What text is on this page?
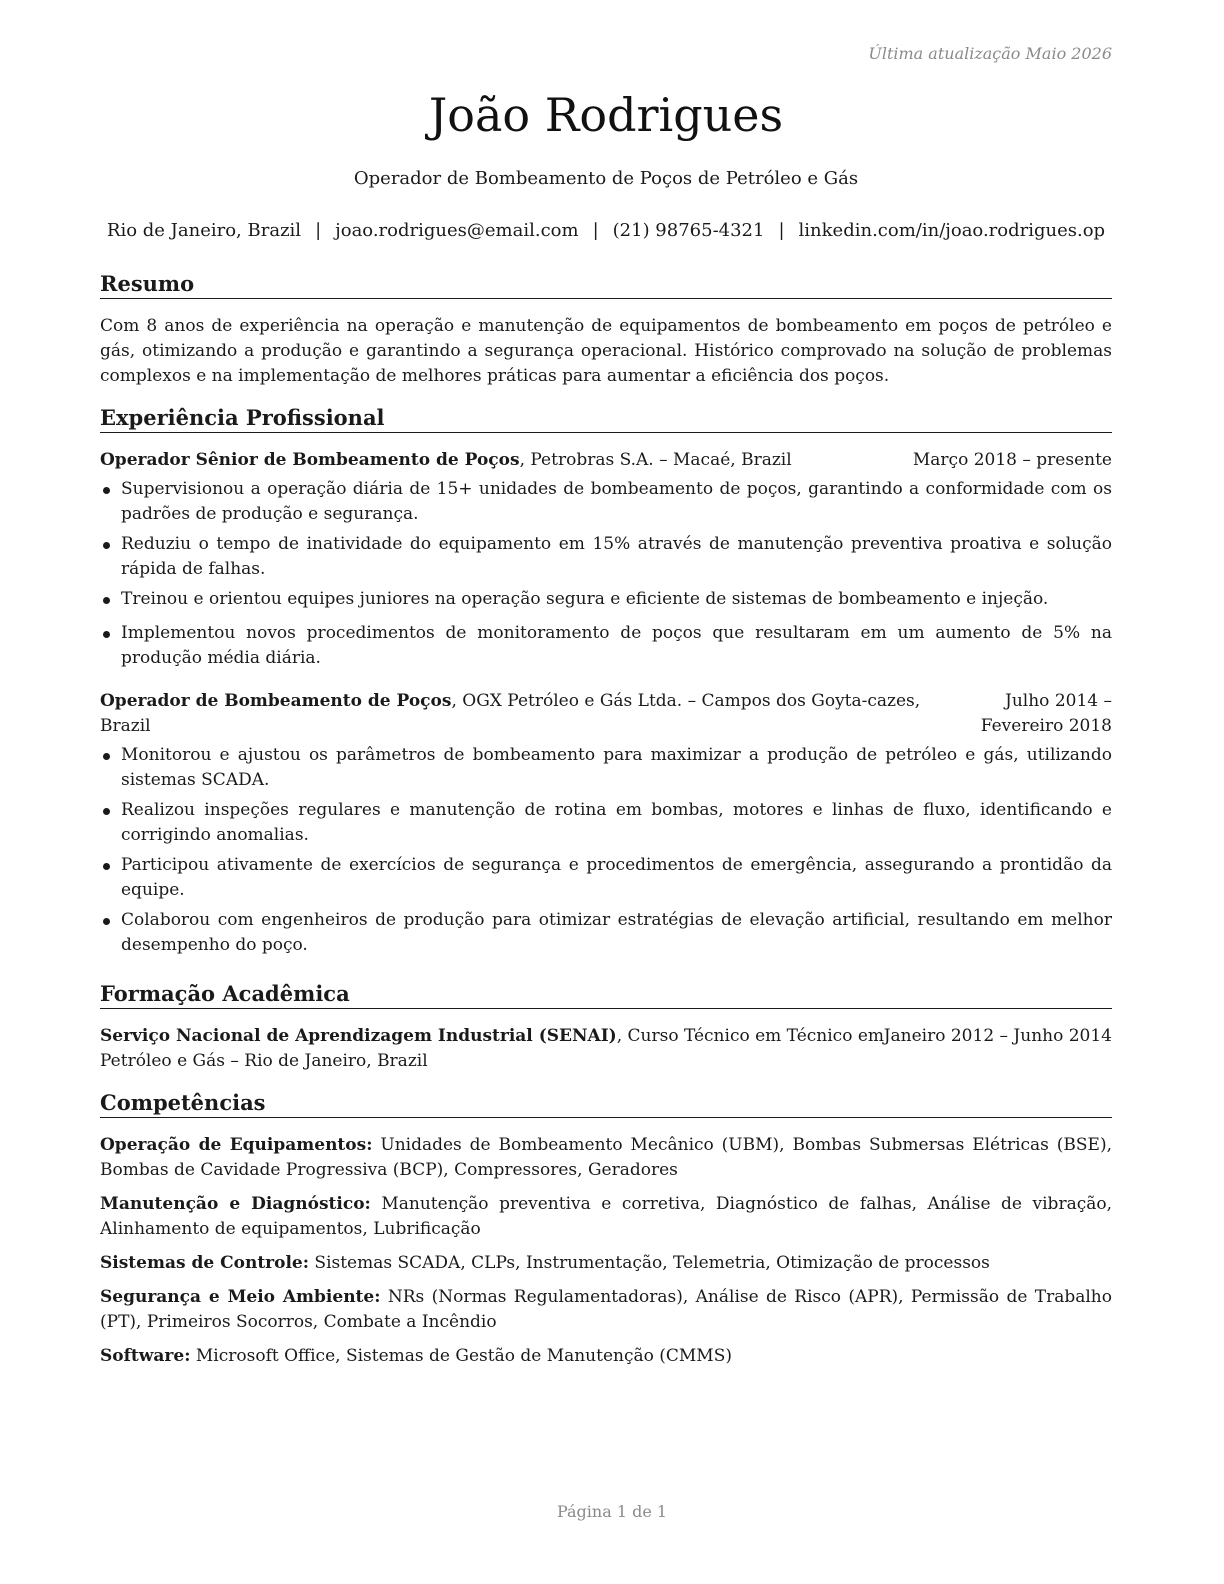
Última atualização Maio 2026
João Rodrigues
Operador de Bombeamento de Poços de Petróleo e Gás
Rio de Janeiro, Brazil | joao.rodrigues@email.com | (21) 98765-4321 | linkedin.com/in/joao.rodrigues.op
Resumo
Com 8 anos de experiência na operação e manutenção de equipamentos de bombeamento em poços de petróleo e gás, otimizando a produção e garantindo a segurança operacional. Histórico comprovado na solução de problemas complexos e na implementação de melhores práticas para aumentar a eficiência dos poços.
Experiência Profissional
Operador Sênior de Bombeamento de Poços, Petrobras S.A. – Macaé, Brazil	Março 2018 – presente
Supervisionou a operação diária de 15+ unidades de bombeamento de poços, garantindo a conformidade com os padrões de produção e segurança.
Reduziu o tempo de inatividade do equipamento em 15% através de manutenção preventiva proativa e solução rápida de falhas.
Treinou e orientou equipes juniores na operação segura e eficiente de sistemas de bombeamento e injeção.
Implementou novos procedimentos de monitoramento de poços que resultaram em um aumento de 5% na produção média diária.
Operador de Bombeamento de Poços, OGX Petróleo e Gás Ltda. – Campos dos Goyta-cazes, Brazil
Julho 2014 – Fevereiro 2018
Monitorou e ajustou os parâmetros de bombeamento para maximizar a produção de petróleo e gás, utilizando sistemas SCADA.
Realizou inspeções regulares e manutenção de rotina em bombas, motores e linhas de fluxo, identificando e corrigindo anomalias.
Participou ativamente de exercícios de segurança e procedimentos de emergência, assegurando a prontidão da equipe.
Colaborou com engenheiros de produção para otimizar estratégias de elevação artificial, resultando em melhor desempenho do poço.
Formação Acadêmica
Serviço Nacional de Aprendizagem Industrial (SENAI), Curso Técnico em Técnico em Petróleo e Gás – Rio de Janeiro, Brazil
Janeiro 2012 – Junho 2014
Competências
Operação de Equipamentos: Unidades de Bombeamento Mecânico (UBM), Bombas Submersas Elétricas (BSE), Bombas de Cavidade Progressiva (BCP), Compressores, Geradores
Manutenção e Diagnóstico: Manutenção preventiva e corretiva, Diagnóstico de falhas, Análise de vibração, Alinhamento de equipamentos, Lubrificação
Sistemas de Controle: Sistemas SCADA, CLPs, Instrumentação, Telemetria, Otimização de processos
Segurança e Meio Ambiente: NRs (Normas Regulamentadoras), Análise de Risco (APR), Permissão de Trabalho (PT), Primeiros Socorros, Combate a Incêndio
Software: Microsoft Office, Sistemas de Gestão de Manutenção (CMMS)
Página 1 de 1
